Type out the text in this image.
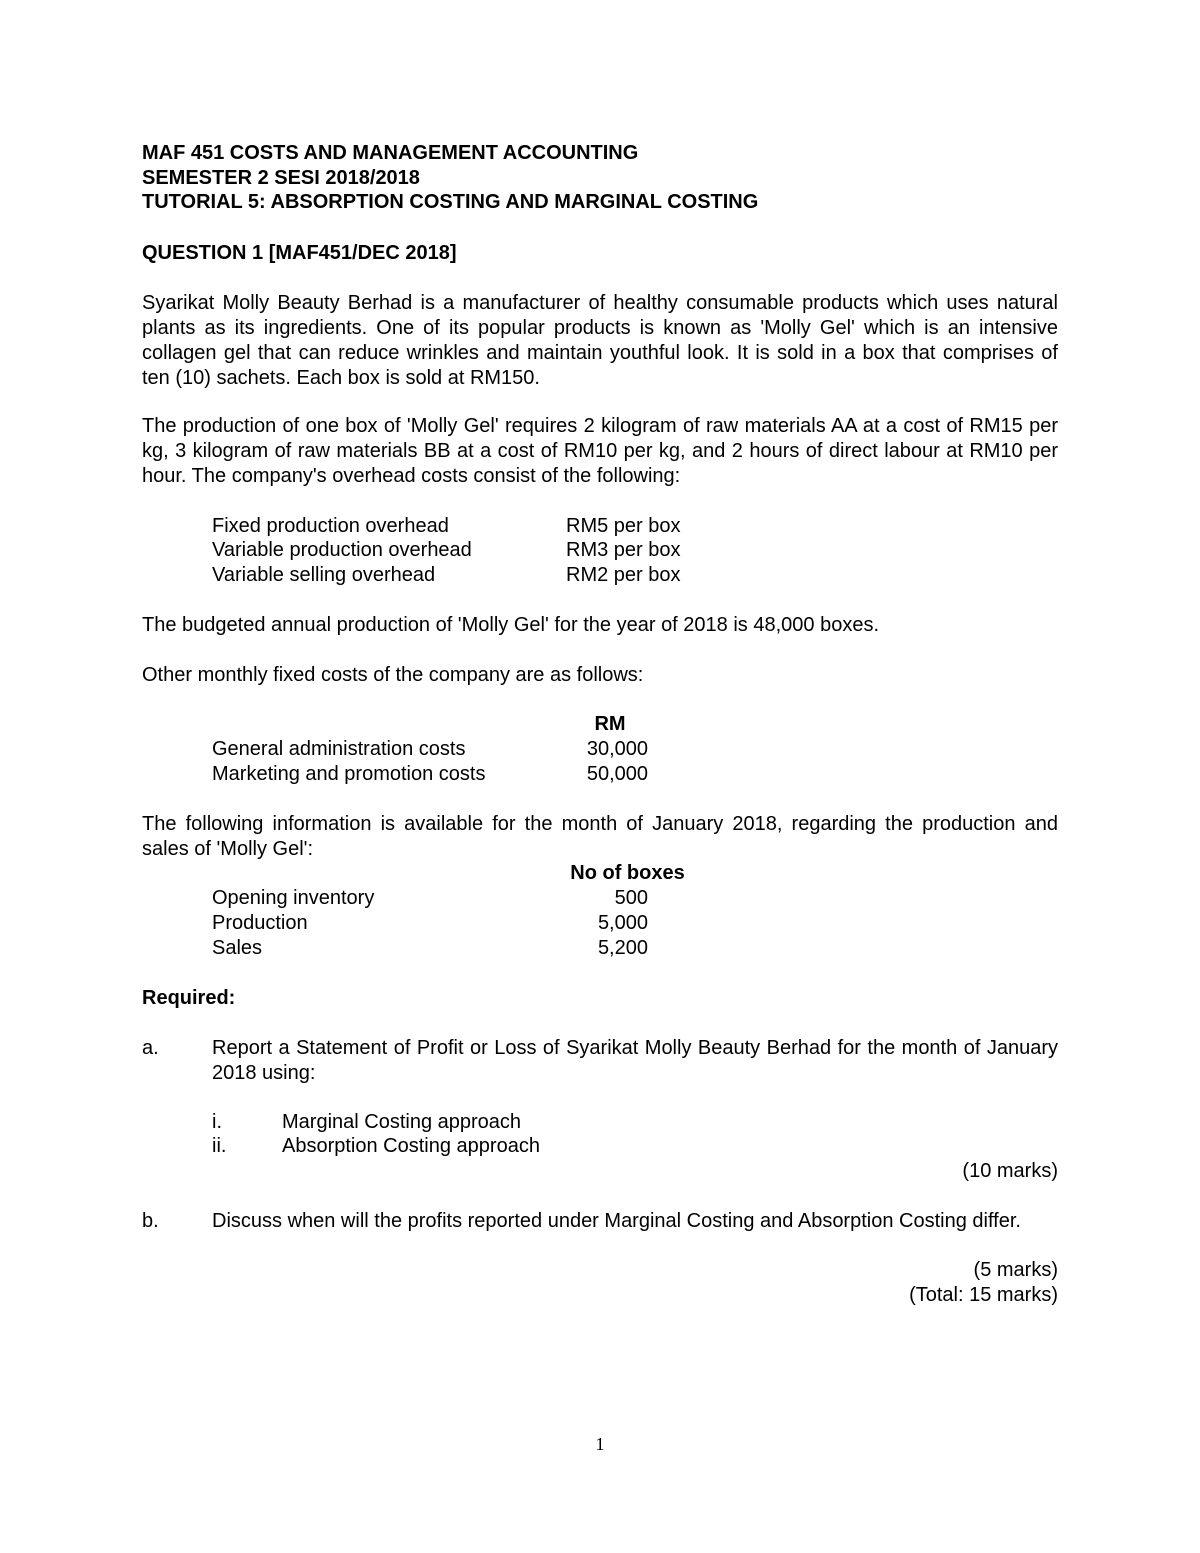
MAF 451 COSTS AND MANAGEMENT ACCOUNTING
SEMESTER 2 SESI 2018/2018
TUTORIAL 5: ABSORPTION COSTING AND MARGINAL COSTING
QUESTION 1 [MAF451/DEC 2018]
Syarikat Molly Beauty Berhad is a manufacturer of healthy consumable products which uses natural plants as its ingredients. One of its popular products is known as 'Molly Gel' which is an intensive collagen gel that can reduce wrinkles and maintain youthful look. It is sold in a box that comprises of ten (10) sachets. Each box is sold at RM150.
The production of one box of 'Molly Gel' requires 2 kilogram of raw materials AA at a cost of RM15 per kg, 3 kilogram of raw materials BB at a cost of RM10 per kg, and 2 hours of direct labour at RM10 per hour. The company's overhead costs consist of the following:
Fixed production overhead	RM5 per box
Variable production overhead	RM3 per box
Variable selling overhead	RM2 per box
The budgeted annual production of 'Molly Gel' for the year of 2018 is 48,000 boxes.
Other monthly fixed costs of the company are as follows:
RM
General administration costs	30,000
Marketing and promotion costs	50,000
The following information is available for the month of January 2018, regarding the production and sales of 'Molly Gel':
No of boxes
Opening inventory	500
Production	5,000
Sales	5,200
Required:
a.	Report a Statement of Profit or Loss of Syarikat Molly Beauty Berhad for the month of January 2018 using:
i.	Marginal Costing approach
ii.	Absorption Costing approach
(10 marks)
b.	Discuss when will the profits reported under Marginal Costing and Absorption Costing differ.
(5 marks)
(Total: 15 marks)
1
